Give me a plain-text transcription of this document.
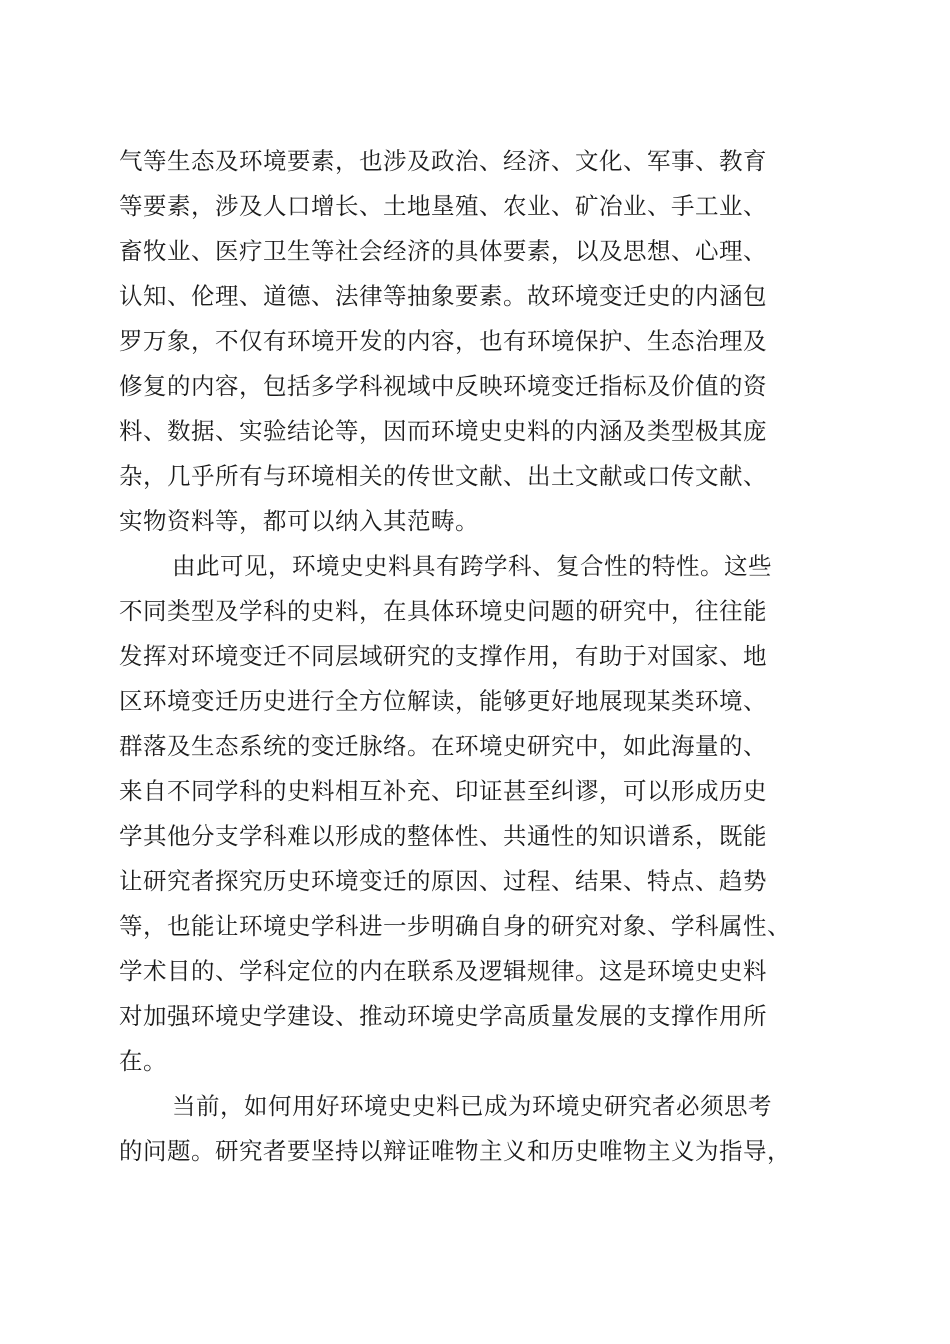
气等生态及环境要素，也涉及政治、经济、文化、军事、教育
等要素，涉及人口增长、土地垦殖、农业、矿冶业、手工业、
畜牧业、医疗卫生等社会经济的具体要素，以及思想、心理、
认知、伦理、道德、法律等抽象要素。故环境变迁史的内涵包
罗万象，不仅有环境开发的内容，也有环境保护、生态治理及
修复的内容，包括多学科视域中反映环境变迁指标及价值的资
料、数据、实验结论等，因而环境史史料的内涵及类型极其庞
杂，几乎所有与环境相关的传世文献、出土文献或口传文献、
实物资料等，都可以纳入其范畴。
由此可见，环境史史料具有跨学科、复合性的特性。这些
不同类型及学科的史料，在具体环境史问题的研究中，往往能
发挥对环境变迁不同层域研究的支撑作用，有助于对国家、地
区环境变迁历史进行全方位解读，能够更好地展现某类环境、
群落及生态系统的变迁脉络。在环境史研究中，如此海量的、
来自不同学科的史料相互补充、印证甚至纠谬，可以形成历史
学其他分支学科难以形成的整体性、共通性的知识谱系，既能
让研究者探究历史环境变迁的原因、过程、结果、特点、趋势
等，也能让环境史学科进一步明确自身的研究对象、学科属性、
学术目的、学科定位的内在联系及逻辑规律。这是环境史史料
对加强环境史学建设、推动环境史学高质量发展的支撑作用所
在。
当前，如何用好环境史史料已成为环境史研究者必须思考
的问题。研究者要坚持以辩证唯物主义和历史唯物主义为指导，
